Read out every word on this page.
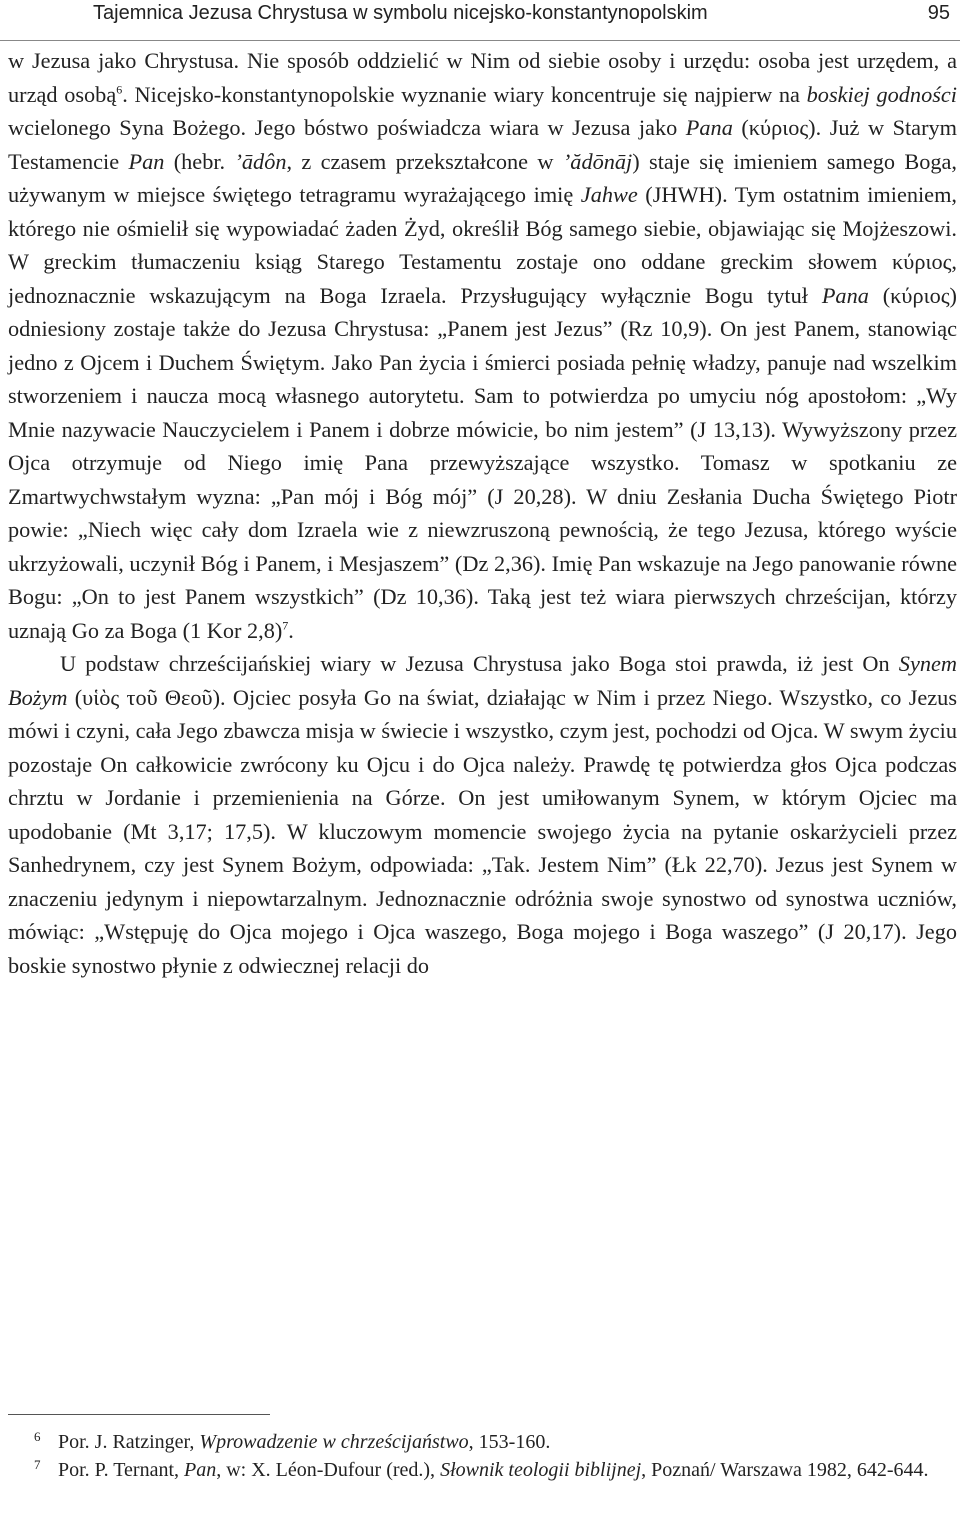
Tajemnica Jezusa Chrystusa w symbolu nicejsko-konstantynopolskim	95

w Jezusa jako Chrystusa. Nie sposób oddzielić w Nim od siebie osoby i urzędu: osoba jest urzędem, a urząd osobą$^6$. Nicejsko-konstantynopolskie wyznanie wiary koncentruje się najpierw na boskiej godności wcielonego Syna Bożego. Jego bóstwo poświadcza wiara w Jezusa jako Pana (κύριος). Już w Starym Testamencie Pan (hebr. ’ādôn, z czasem przekształcone w ’ădōnāj) staje się imieniem samego Boga, używanym w miejsce świętego tetragramu wyrażającego imię Jahwe (JHWH). Tym ostatnim imieniem, którego nie ośmielił się wypowiadać żaden Żyd, określił Bóg samego siebie, objawiając się Mojżeszowi. W greckim tłumaczeniu ksiąg Starego Testamentu zostaje ono oddane greckim słowem κύριος, jednoznacznie wskazującym na Boga Izraela. Przysługujący wyłącznie Bogu tytuł Pana (κύριος) odniesiony zostaje także do Jezusa Chrystusa: „Panem jest Jezus” (Rz 10,9). On jest Panem, stanowiąc jedno z Ojcem i Duchem Świętym. Jako Pan życia i śmierci posiada pełnię władzy, panuje nad wszelkim stworzeniem i naucza mocą własnego autorytetu. Sam to potwierdza po umyciu nóg apostołom: „Wy Mnie nazywacie Nauczycielem i Panem i dobrze mówicie, bo nim jestem” (J 13,13). Wywyższony przez Ojca otrzymuje od Niego imię Pana przewyższające wszystko. Tomasz w spotkaniu ze Zmartwychwstałym wyzna: „Pan mój i Bóg mój” (J 20,28). W dniu Zesłania Ducha Świętego Piotr powie: „Niech więc cały dom Izraela wie z niewzruszoną pewnością, że tego Jezusa, którego wyście ukrzyżowali, uczynił Bóg i Panem, i Mesjaszem” (Dz 2,36). Imię Pan wskazuje na Jego panowanie równe Bogu: „On to jest Panem wszystkich” (Dz 10,36). Taką jest też wiara pierwszych chrześcijan, którzy uznają Go za Boga (1 Kor 2,8)$^7$.

U podstaw chrześcijańskiej wiary w Jezusa Chrystusa jako Boga stoi prawda, iż jest On Synem Bożym (υἱὸς τοῦ Θεοῦ). Ojciec posyła Go na świat, działając w Nim i przez Niego. Wszystko, co Jezus mówi i czyni, cała Jego zbawcza misja w świecie i wszystko, czym jest, pochodzi od Ojca. W swym życiu pozostaje On całkowicie zwrócony ku Ojcu i do Ojca należy. Prawdę tę potwierdza głos Ojca podczas chrztu w Jordanie i przemienienia na Górze. On jest umiłowanym Synem, w którym Ojciec ma upodobanie (Mt 3,17; 17,5). W kluczowym momencie swojego życia na pytanie oskarżycieli przez Sanhedrynem, czy jest Synem Bożym, odpowiada: „Tak. Jestem Nim” (Łk 22,70). Jezus jest Synem w znaczeniu jedynym i niepowtarzalnym. Jednoznacznie odróżnia swoje synostwo od synostwa uczniów, mówiąc: „Wstępuję do Ojca mojego i Ojca waszego, Boga mojego i Boga waszego” (J 20,17). Jego boskie synostwo płynie z odwiecznej relacji do

6 Por. J. Ratzinger, Wprowadzenie w chrześcijaństwo, 153-160.
7 Por. P. Ternant, Pan, w: X. Léon-Dufour (red.), Słownik teologii biblijnej, Poznań/ Warszawa 1982, 642-644.
